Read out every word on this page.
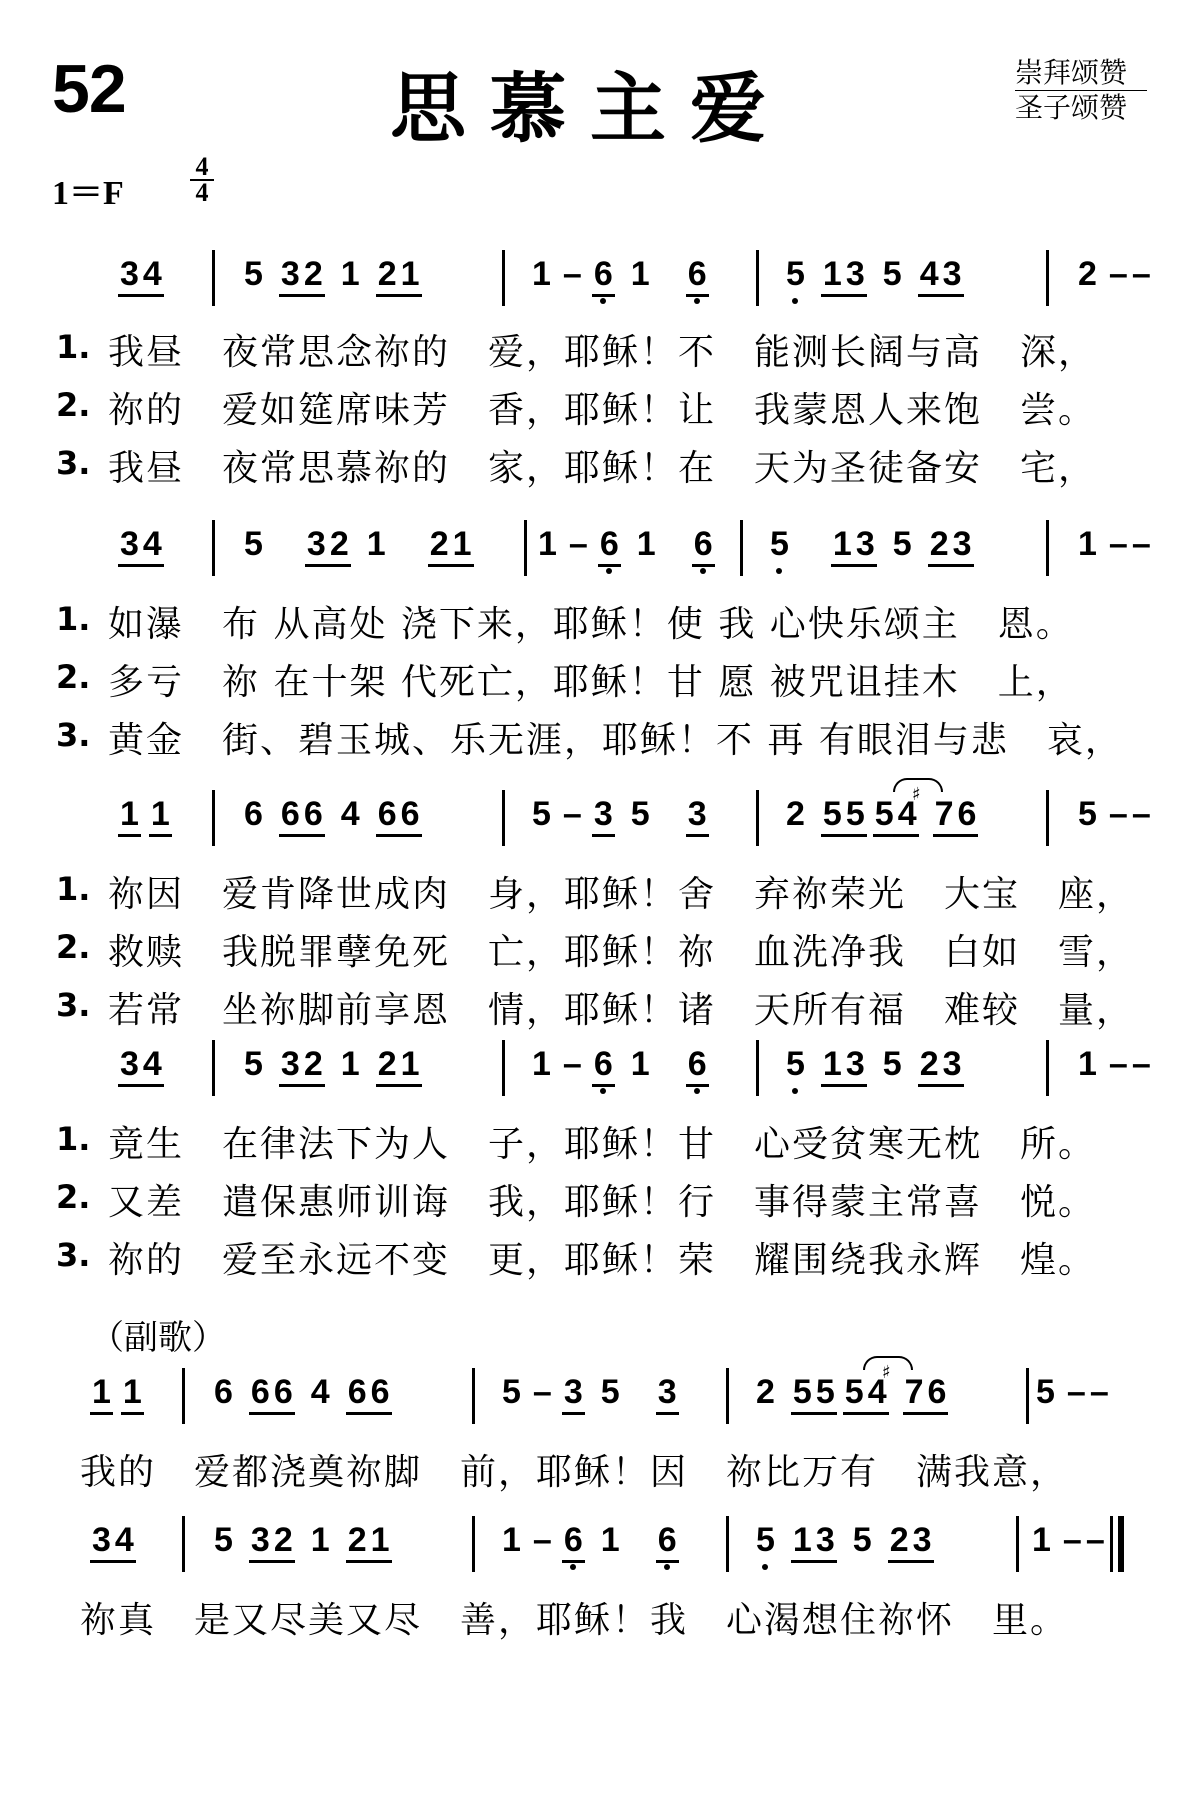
52	思慕主爱	崇拜颂赞
圣子颂赞
1＝F
4
4
3 4 5 3 2 1 2 1	1 – 6 1 6 5 1 3 5 4 3	2 – –
1. 我昼　夜常思念祢的　爱，耶稣！不　能测长阔与高　深，
2. 祢的　爱如筵席味芳　香，耶稣！让　我蒙恩人来饱　尝。
3. 我昼　夜常思慕祢的　家，耶稣！在　天为圣徒备安　宅，
3 4 5 3 2 1 2 1 1 – 6 1 6 5 1 3 5 2 3	1 – –
1. 如瀑　布 从高处 浇下来，耶稣！使 我 心快乐颂主　恩。
2. 多亏　祢 在十架 代死亡，耶稣！甘 愿 被咒诅挂木　上，
3. 黄金　街、碧玉城、乐无涯，耶稣！不 再 有眼泪与悲　哀，
1 1 6 6 6 4 6 6	5 – 3 5 3 2 5 5 5 4 7 6
♯
5 – –
1. 祢因　爱肯降世成肉　身，耶稣！舍　弃祢荣光　大宝　座，
2. 救赎　我脱罪孽免死　亡，耶稣！祢　血洗净我　白如　雪，
3. 若常　坐祢脚前享恩　情，耶稣！诸　天所有福　难较　量，
3 4 5 3 2 1 2 1	1 – 6 1 6 5 1 3 5 2 3	1 – –
1. 竟生　在律法下为人　子，耶稣！甘　心受贫寒无枕　所。
2. 又差　遣保惠师训诲　我，耶稣！行　事得蒙主常喜　悦。
3. 祢的　爱至永远不变　更，耶稣！荣　耀围绕我永辉　煌。
（副歌）
1 1 6 6 6 4 6 6	5 – 3 5 3 2 5 5 5 4 7 6
♯
5 – –
我的　爱都浇奠祢脚　前，耶稣！因　祢比万有　满我意，
3 4 5 3 2 1 2 1	1 – 6 1 6 5 1 3 5 2 3	1 – –
祢真　是又尽美又尽　善，耶稣！我　心渴想住祢怀　里。
